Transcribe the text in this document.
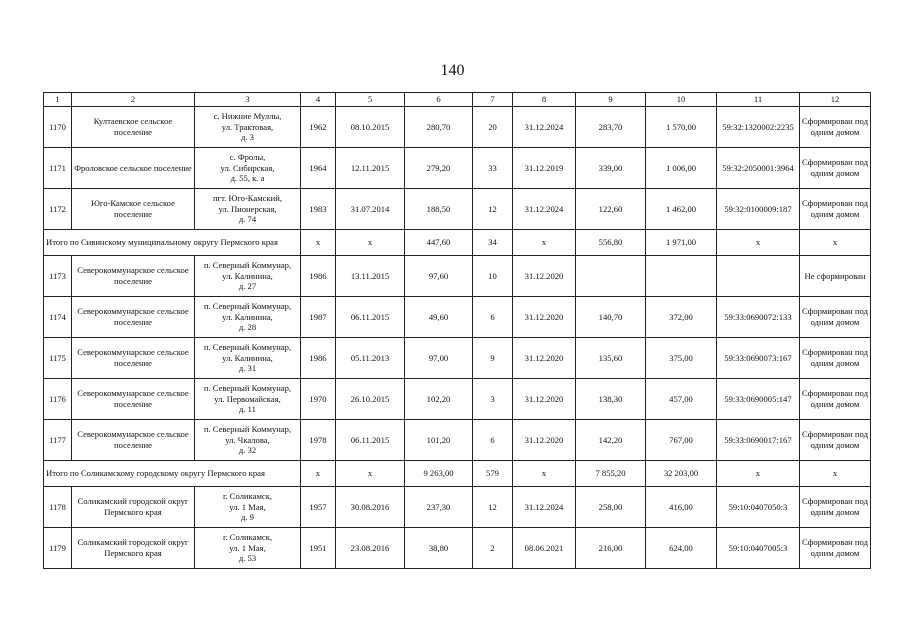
140
1	2	3	4	5	6	7	8	9	10	11	12
1170	Култаевское сельское поселение	с. Нижние Муллы,
ул. Трактовая,
д. 3	1962	08.10.2015	280,70	20	31.12.2024	283,70	1 570,00	59:32:1320002:2235	Сформирован под одним домом
1171	Фроловское сельское поселение	с. Фролы,
ул. Сибирская,
д. 55, к. а	1964	12.11.2015	279,20	33	31.12.2019	339,00	1 006,00	59:32:2050001:3964	Сформирован под одним домом
1172	Юго-Камское сельское поселение	пгт. Юго-Камский,
ул. Пионерская,
д. 74	1983	31.07.2014	188,50	12	31.12.2024	122,60	1 462,00	59:32:0100009:187	Сформирован под одним домом
Итого по Сивинскому муниципальному округу Пермского края			x	x	447,60	34	x	556,80	1 971,00	x	x
1173	Северокоммунарское сельское поселение	п. Северный Коммунар,
ул. Калинина,
д. 27	1986	13.11.2015	97,60	10	31.12.2020				Не сформирован
1174	Северокоммунарское сельское поселение	п. Северный Коммунар,
ул. Калинина,
д. 28	1987	06.11.2015	49,60	6	31.12.2020	140,70	372,00	59:33:0690072:133	Сформирован под одним домом
1175	Северокоммунарское сельское поселение	п. Северный Коммунар,
ул. Калинина,
д. 31	1986	05.11.2013	97,00	9	31.12.2020	135,60	375,00	59:33:0690073:167	Сформирован под одним домом
1176	Северокоммунарское сельское поселение	п. Северный Коммунар,
ул. Первомайская,
д. 11	1970	26.10.2015	102,20	3	31.12.2020	138,30	457,00	59:33:0690005:147	Сформирован под одним домом
1177	Северокоммунарское сельское поселение	п. Северный Коммунар,
ул. Чкалова,
д. 32	1978	06.11.2015	101,20	6	31.12.2020	142,20	767,00	59:33:0690017:167	Сформирован под одним домом
Итого по Соликамскому городскому округу Пермского края			x	x	9 263,00	579	x	7 855,20	32 203,00	x	x
1178	Соликамский городской округ Пермского края	г. Соликамск,
ул. 1 Мая,
д. 9	1957	30.08.2016	237,30	12	31.12.2024	258,00	416,00	59:10:0407050:3	Сформирован под одним домом
1179	Соликамский городской округ Пермского края	г. Соликамск,
ул. 1 Мая,
д. 53	1951	23.08.2016	38,80	2	08.06.2021	216,00	624,00	59:10:0407005:3	Сформирован под одним домом
